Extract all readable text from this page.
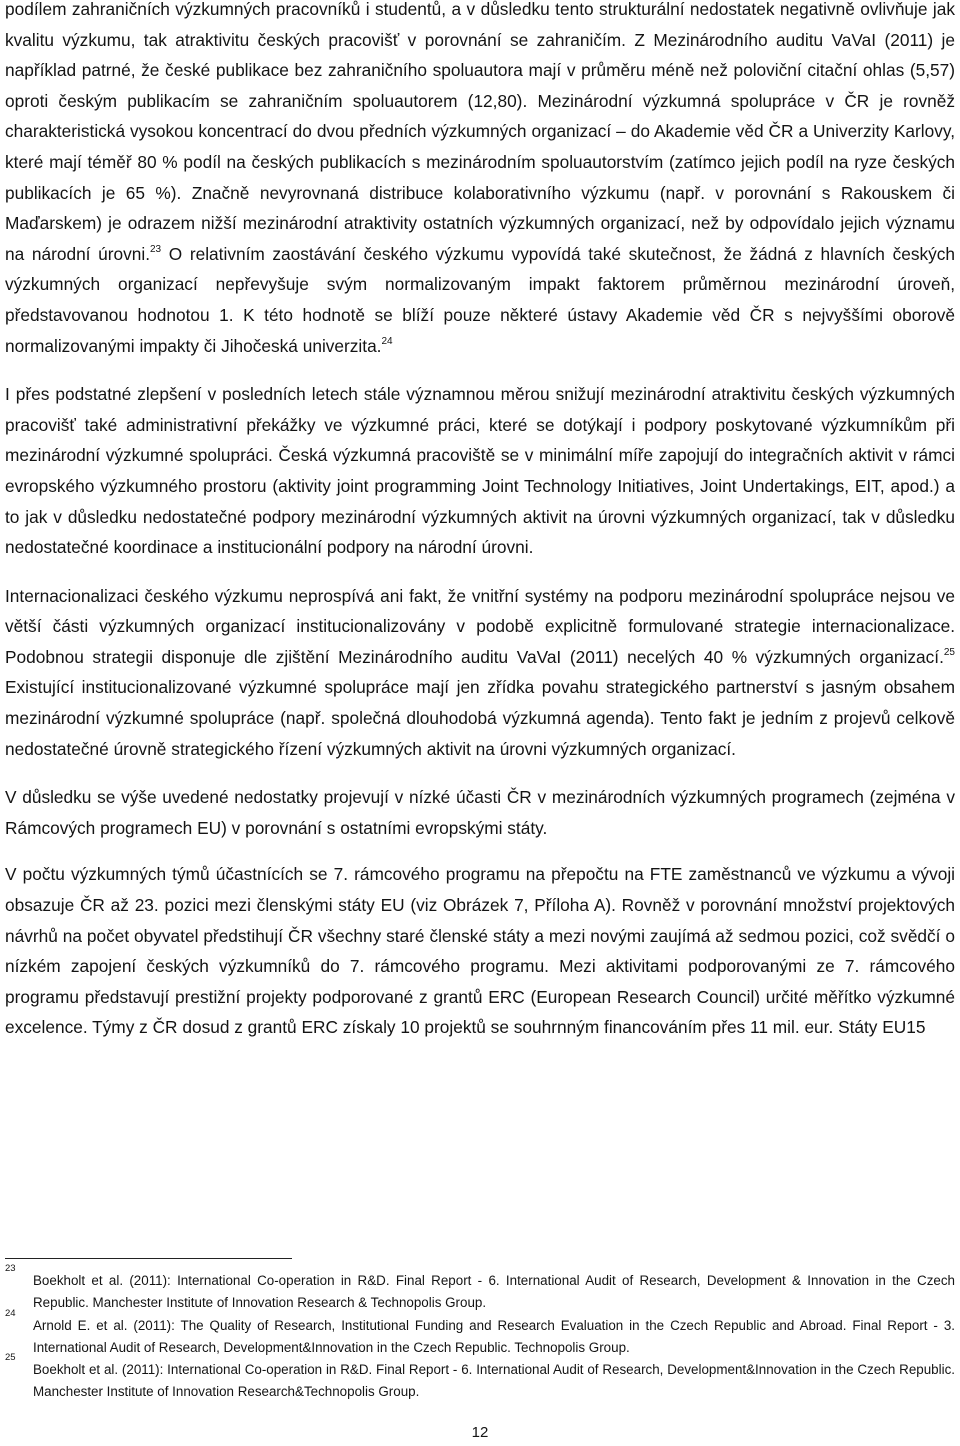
podílem zahraničních výzkumných pracovníků i studentů, a v důsledku tento strukturální nedostatek negativně ovlivňuje jak kvalitu výzkumu, tak atraktivitu českých pracovišť v porovnání se zahraničím. Z Mezinárodního auditu VaVaI (2011) je například patrné, že české publikace bez zahraničního spoluautora mají v průměru méně než poloviční citační ohlas (5,57) oproti českým publikacím se zahraničním spoluautorem (12,80). Mezinárodní výzkumná spolupráce v ČR je rovněž charakteristická vysokou koncentrací do dvou předních výzkumných organizací – do Akademie věd ČR a Univerzity Karlovy, které mají téměř 80 % podíl na českých publikacích s mezinárodním spoluautorstvím (zatímco jejich podíl na ryze českých publikacích je 65 %). Značně nevyrovnaná distribuce kolaborativního výzkumu (např. v porovnání s Rakouskem či Maďarskem) je odrazem nižší mezinárodní atraktivity ostatních výzkumných organizací, než by odpovídalo jejich významu na národní úrovni.$^{23}$ O relativním zaostávání českého výzkumu vypovídá také skutečnost, že žádná z hlavních českých výzkumných organizací nepřevyšuje svým normalizovaným impakt faktorem průměrnou mezinárodní úroveň, představovanou hodnotou 1. K této hodnotě se blíží pouze některé ústavy Akademie věd ČR s nejvyššími oborově normalizovanými impakty či Jihočeská univerzita.$^{24}$

I přes podstatné zlepšení v posledních letech stále významnou měrou snižují mezinárodní atraktivitu českých výzkumných pracovišť také administrativní překážky ve výzkumné práci, které se dotýkají i podpory poskytované výzkumníkům při mezinárodní výzkumné spolupráci. Česká výzkumná pracoviště se v minimální míře zapojují do integračních aktivit v rámci evropského výzkumného prostoru (aktivity joint programming Joint Technology Initiatives, Joint Undertakings, EIT, apod.) a to jak v důsledku nedostatečné podpory mezinárodní výzkumných aktivit na úrovni výzkumných organizací, tak v důsledku nedostatečné koordinace a institucionální podpory na národní úrovni.

Internacionalizaci českého výzkumu neprospívá ani fakt, že vnitřní systémy na podporu mezinárodní spolupráce nejsou ve větší části výzkumných organizací institucionalizovány v podobě explicitně formulované strategie internacionalizace. Podobnou strategii disponuje dle zjištění Mezinárodního auditu VaVaI (2011) necelých 40 % výzkumných organizací.$^{25}$ Existující institucionalizované výzkumné spolupráce mají jen zřídka povahu strategického partnerství s jasným obsahem mezinárodní výzkumné spolupráce (např. společná dlouhodobá výzkumná agenda). Tento fakt je jedním z projevů celkově nedostatečné úrovně strategického řízení výzkumných aktivit na úrovni výzkumných organizací.

V důsledku se výše uvedené nedostatky projevují v nízké účasti ČR v mezinárodních výzkumných programech (zejména v Rámcových programech EU) v porovnání s ostatními evropskými státy.

V počtu výzkumných týmů účastnících se 7. rámcového programu na přepočtu na FTE zaměstnanců ve výzkumu a vývoji obsazuje ČR až 23. pozici mezi členskými státy EU (viz Obrázek 7, Příloha A). Rovněž v porovnání množství projektových návrhů na počet obyvatel předstihují ČR všechny staré členské státy a mezi novými zaujímá až sedmou pozici, což svědčí o nízkém zapojení českých výzkumníků do 7. rámcového programu. Mezi aktivitami podporovanými ze 7. rámcového programu představují prestižní projekty podporované z grantů ERC (European Research Council) určité měřítko výzkumné excelence. Týmy z ČR dosud z grantů ERC získaly 10 projektů se souhrnným financováním přes 11 mil. eur. Státy EU15

23
Boekholt et al. (2011): International Co-operation in R&D. Final Report - 6. International Audit of Research, Development & Innovation in the Czech Republic. Manchester Institute of Innovation Research & Technopolis Group.
24
Arnold E. et al. (2011): The Quality of Research, Institutional Funding and Research Evaluation in the Czech Republic and Abroad. Final Report - 3. International Audit of Research, Development&Innovation in the Czech Republic. Technopolis Group.
25
Boekholt et al. (2011): International Co-operation in R&D. Final Report - 6. International Audit of Research, Development&Innovation in the Czech Republic. Manchester Institute of Innovation Research&Technopolis Group.
12
